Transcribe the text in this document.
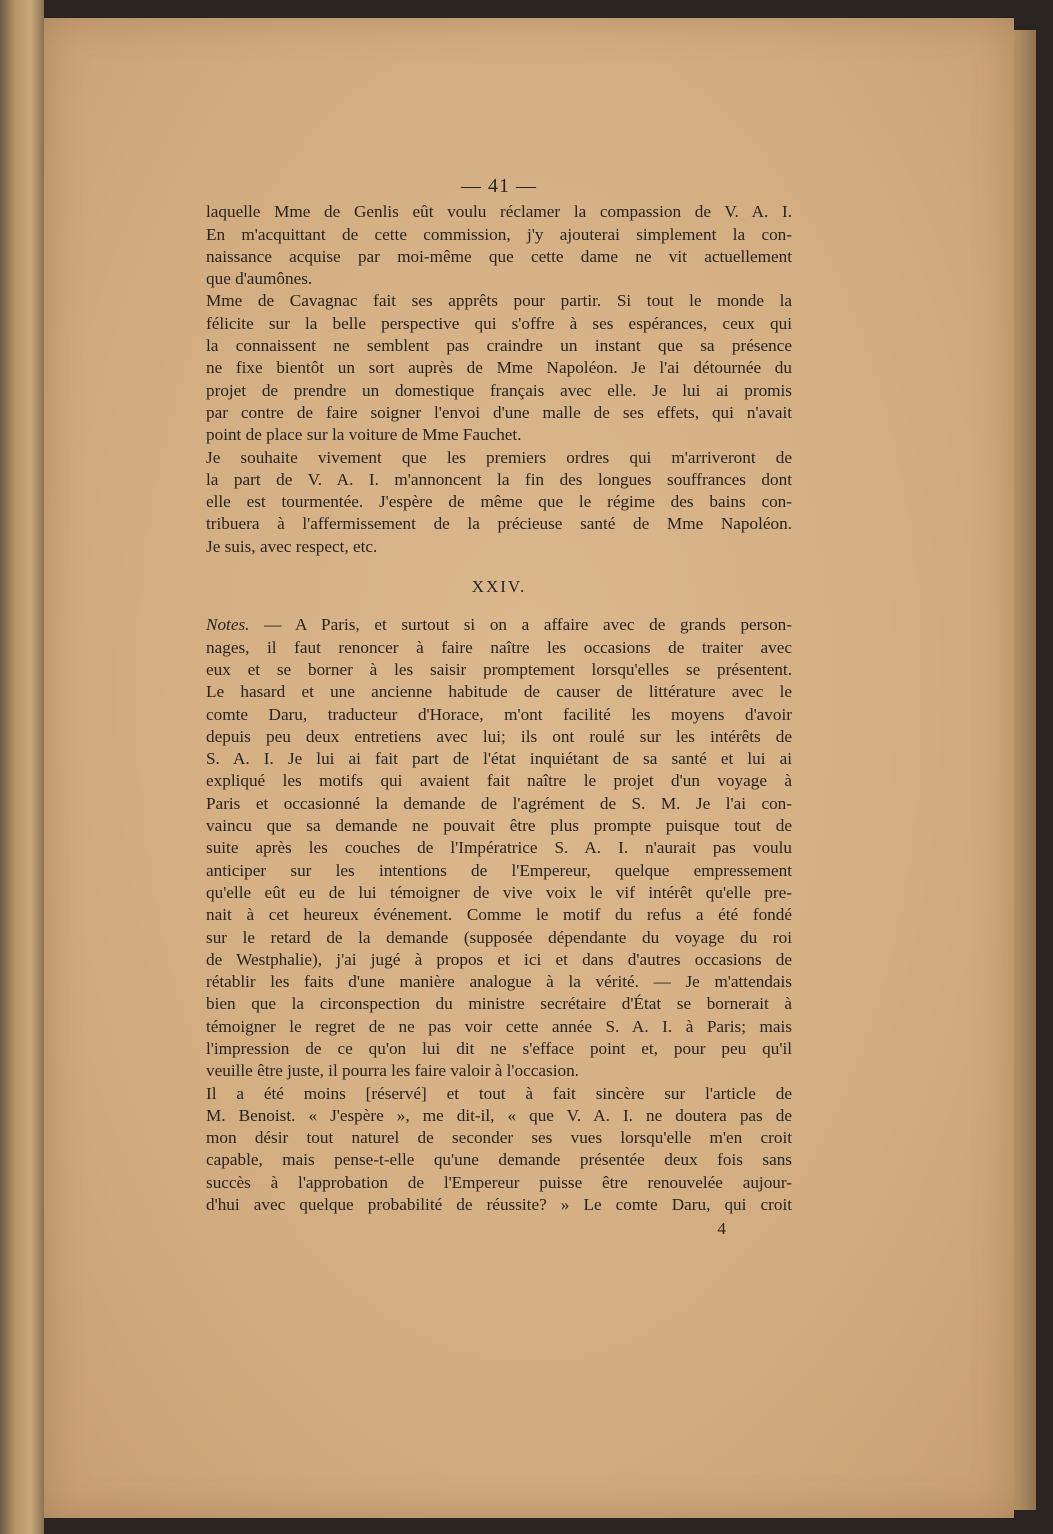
— 41 —
laquelle Mme de Genlis eût voulu réclamer la compassion de V. A. I.
En m'acquittant de cette commission, j'y ajouterai simplement la con-
naissance acquise par moi-même que cette dame ne vit actuellement
que d'aumônes.
Mme de Cavagnac fait ses apprêts pour partir. Si tout le monde la
félicite sur la belle perspective qui s'offre à ses espérances, ceux qui
la connaissent ne semblent pas craindre un instant que sa présence
ne fixe bientôt un sort auprès de Mme Napoléon. Je l'ai détournée du
projet de prendre un domestique français avec elle. Je lui ai promis
par contre de faire soigner l'envoi d'une malle de ses effets, qui n'avait
point de place sur la voiture de Mme Fauchet.
Je souhaite vivement que les premiers ordres qui m'arriveront de
la part de V. A. I. m'annoncent la fin des longues souffrances dont
elle est tourmentée. J'espère de même que le régime des bains con-
tribuera à l'affermissement de la précieuse santé de Mme Napoléon.
Je suis, avec respect, etc.
XXIV.
Notes. — A Paris, et surtout si on a affaire avec de grands person-
nages, il faut renoncer à faire naître les occasions de traiter avec
eux et se borner à les saisir promptement lorsqu'elles se présentent.
Le hasard et une ancienne habitude de causer de littérature avec le
comte Daru, traducteur d'Horace, m'ont facilité les moyens d'avoir
depuis peu deux entretiens avec lui; ils ont roulé sur les intérêts de
S. A. I. Je lui ai fait part de l'état inquiétant de sa santé et lui ai
expliqué les motifs qui avaient fait naître le projet d'un voyage à
Paris et occasionné la demande de l'agrément de S. M. Je l'ai con-
vaincu que sa demande ne pouvait être plus prompte puisque tout de
suite après les couches de l'Impératrice S. A. I. n'aurait pas voulu
anticiper sur les intentions de l'Empereur, quelque empressement
qu'elle eût eu de lui témoigner de vive voix le vif intérêt qu'elle pre-
nait à cet heureux événement. Comme le motif du refus a été fondé
sur le retard de la demande (supposée dépendante du voyage du roi
de Westphalie), j'ai jugé à propos et ici et dans d'autres occasions de
rétablir les faits d'une manière analogue à la vérité. — Je m'attendais
bien que la circonspection du ministre secrétaire d'État se bornerait à
témoigner le regret de ne pas voir cette année S. A. I. à Paris; mais
l'impression de ce qu'on lui dit ne s'efface point et, pour peu qu'il
veuille être juste, il pourra les faire valoir à l'occasion.
Il a été moins [réservé] et tout à fait sincère sur l'article de
M. Benoist. « J'espère », me dit-il, « que V. A. I. ne doutera pas de
mon désir tout naturel de seconder ses vues lorsqu'elle m'en croit
capable, mais pense-t-elle qu'une demande présentée deux fois sans
succès à l'approbation de l'Empereur puisse être renouvelée aujour-
d'hui avec quelque probabilité de réussite? » Le comte Daru, qui croit
4
